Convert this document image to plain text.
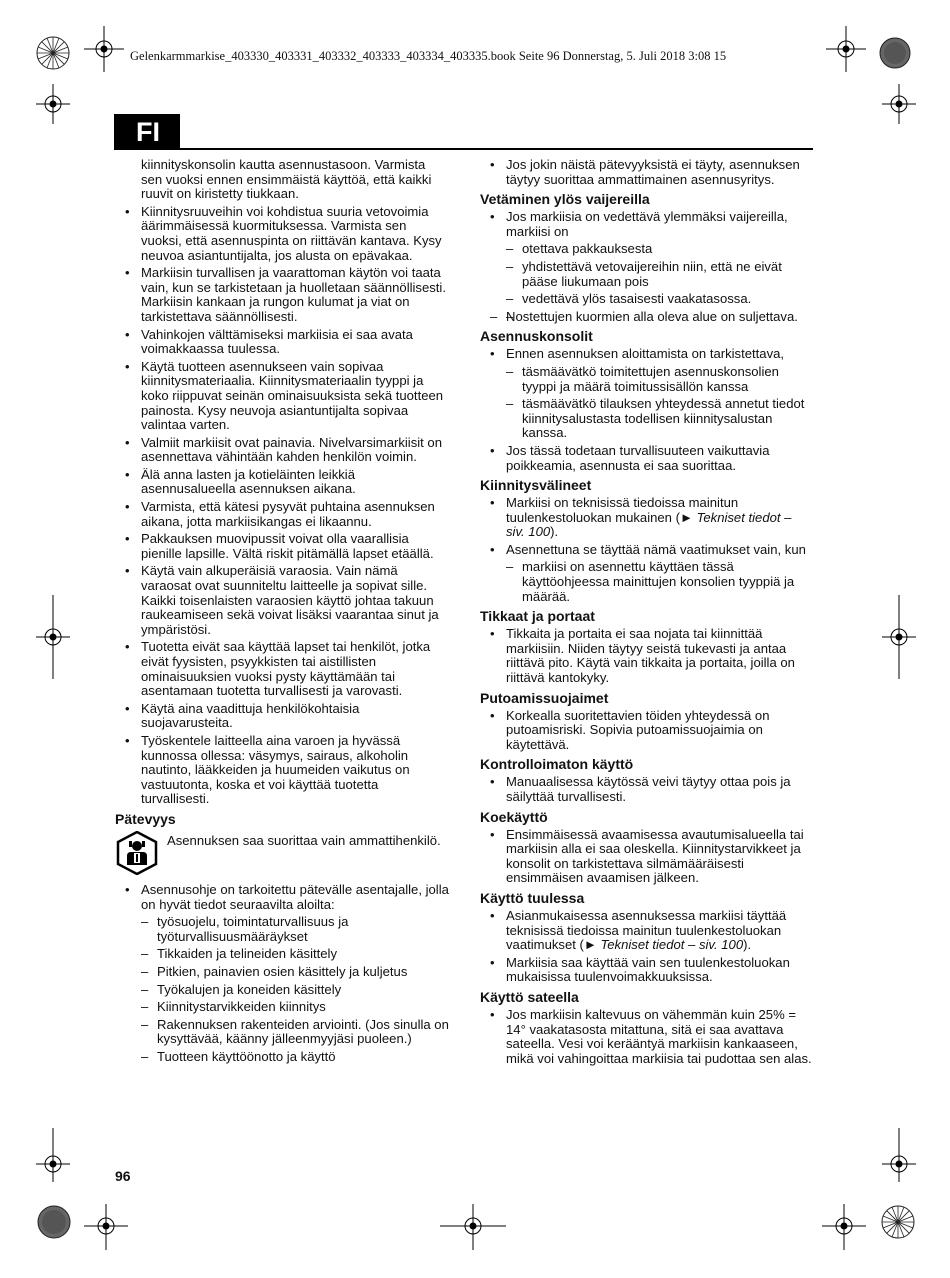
Gelenkarmmarkise_403330_403331_403332_403333_403334_403335.book Seite 96 Donnerstag, 5. Juli 2018 3:08 15
FI
kiinnityskonsolin kautta asennustasoon. Varmista sen vuoksi ennen ensimmäistä käyttöä, että kaikki ruuvit on kiristetty tiukkaan.
• Kiinnitysruuveihin voi kohdistua suuria vetovoimia äärimmäisessä kuormituksessa. Varmista sen vuoksi, että asennuspinta on riittävän kantava. Kysy neuvoa asiantuntijalta, jos alusta on epävakaa.
• Markiisin turvallisen ja vaarattoman käytön voi taata vain, kun se tarkistetaan ja huolletaan säännöllisesti. Markiisin kankaan ja rungon kulumat ja viat on tarkistettava säännöllisesti.
• Vahinkojen välttämiseksi markiisia ei saa avata voimakkaassa tuulessa.
• Käytä tuotteen asennukseen vain sopivaa kiinnitysmateriaalia. Kiinnitysmateriaalin tyyppi ja koko riippuvat seinän ominaisuuksista sekä tuotteen painosta. Kysy neuvoja asiantuntijalta sopivaa valintaa varten.
• Valmiit markiisit ovat painavia. Nivelvarsimarkiisit on asennettava vähintään kahden henkilön voimin.
• Älä anna lasten ja kotieläinten leikkiä asennusalueella asennuksen aikana.
• Varmista, että kätesi pysyvät puhtaina asennuksen aikana, jotta markiisikangas ei likaannu.
• Pakkauksen muovipussit voivat olla vaarallisia pienille lapsille. Vältä riskit pitämällä lapset etäällä.
• Käytä vain alkuperäisiä varaosia. Vain nämä varaosat ovat suunniteltu laitteelle ja sopivat sille. Kaikki toisenlaisten varaosien käyttö johtaa takuun raukeamiseen sekä voivat lisäksi vaarantaa sinut ja ympäristösi.
• Tuotetta eivät saa käyttää lapset tai henkilöt, jotka eivät fyysisten, psyykkisten tai aistillisten ominaisuuksien vuoksi pysty käyttämään tai asentamaan tuotetta turvallisesti ja varovasti.
• Käytä aina vaadittuja henkilökohtaisia suojavarusteita.
• Työskentele laitteella aina varoen ja hyvässä kunnossa ollessa: väsymys, sairaus, alkoholin nautinto, lääkkeiden ja huumeiden vaikutus on vastuutonta, koska et voi käyttää tuotetta turvallisesti.
Pätevyys
Asennuksen saa suorittaa vain ammattihenkilö.
• Asennusohje on tarkoitettu pätevälle asentajalle, jolla on hyvät tiedot seuraavilta aloilta:
– työsuojelu, toimintaturvallisuus ja työturvallisuusmääräykset
– Tikkaiden ja telineiden käsittely
– Pitkien, painavien osien käsittely ja kuljetus
– Työkalujen ja koneiden käsittely
– Kiinnitystarvikkeiden kiinnitys
– Rakennuksen rakenteiden arviointi. (Jos sinulla on kysyttävää, käänny jälleenmyyjäsi puoleen.)
– Tuotteen käyttöönotto ja käyttö
• Jos jokin näistä pätevyyksistä ei täyty, asennuksen täytyy suorittaa ammattimainen asennusyritys.
Vetäminen ylös vaijereilla
• Jos markiisia on vedettävä ylemmäksi vaijereilla, markiisi on
– otettava pakkauksesta
– yhdistettävä vetovaijereihin niin, että ne eivät pääse liukumaan pois
– vedettävä ylös tasaisesti vaakatasossa.
– – Nostettujen kuormien alla oleva alue on suljettava.
Asennuskonsolit
• Ennen asennuksen aloittamista on tarkistettava,
– täsmäävätkö toimitettujen asennuskonsolien tyyppi ja määrä toimitussisällön kanssa
– täsmäävätkö tilauksen yhteydessä annetut tiedot kiinnitysalustasta todellisen kiinnitysalustan kanssa.
• Jos tässä todetaan turvallisuuteen vaikuttavia poikkeamia, asennusta ei saa suorittaa.
Kiinnitysvälineet
• Markiisi on teknisissä tiedoissa mainitun tuulenkestoluokan mukainen (► Tekniset tiedot – siv. 100).
• Asennettuna se täyttää nämä vaatimukset vain, kun
– markiisi on asennettu käyttäen tässä käyttöohjeessa mainittujen konsolien tyyppiä ja määrää.
Tikkaat ja portaat
• Tikkaita ja portaita ei saa nojata tai kiinnittää markiisiin. Niiden täytyy seistä tukevasti ja antaa riittävä pito. Käytä vain tikkaita ja portaita, joilla on riittävä kantokyky.
Putoamissuojaimet
• Korkealla suoritettavien töiden yhteydessä on putoamisriski. Sopivia putoamissuojaimia on käytettävä.
Kontrolloimaton käyttö
• Manuaalisessa käytössä veivi täytyy ottaa pois ja säilyttää turvallisesti.
Koekäyttö
• Ensimmäisessä avaamisessa avautumisalueella tai markiisin alla ei saa oleskella. Kiinnitystarvikkeet ja konsolit on tarkistettava silmämääräisesti ensimmäisen avaamisen jälkeen.
Käyttö tuulessa
• Asianmukaisessa asennuksessa markiisi täyttää teknisissä tiedoissa mainitun tuulenkestoluokan vaatimukset (► Tekniset tiedot – siv. 100).
• Markiisia saa käyttää vain sen tuulenkestoluokan mukaisissa tuulenvoimakkuuksissa.
Käyttö sateella
• Jos markiisin kaltevuus on vähemmän kuin 25% = 14° vaakatasosta mitattuna, sitä ei saa avattava sateella. Vesi voi kerääntyä markiisin kankaaseen, mikä voi vahingoittaa markiisia tai pudottaa sen alas.
96
